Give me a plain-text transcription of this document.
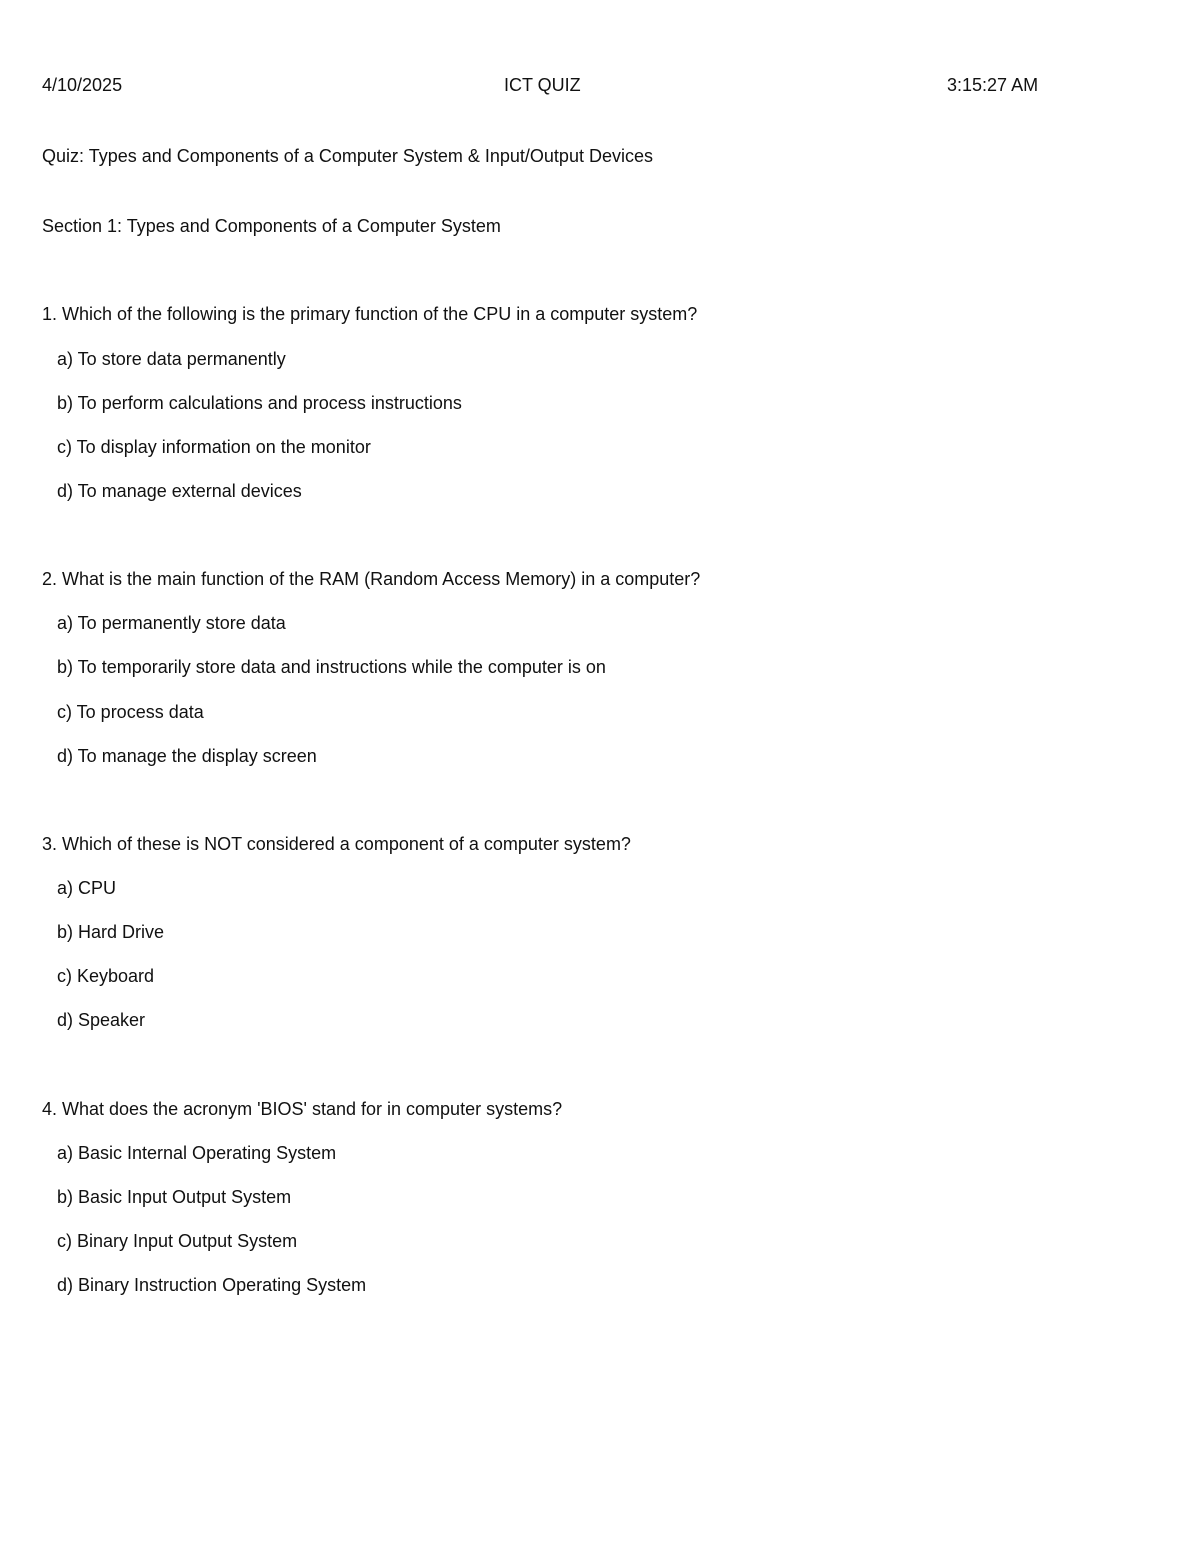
4/10/2025	ICT QUIZ	3:15:27 AM
Quiz: Types and Components of a Computer System & Input/Output Devices
Section 1: Types and Components of a Computer System
1. Which of the following is the primary function of the CPU in a computer system?
a) To store data permanently
b) To perform calculations and process instructions
c) To display information on the monitor
d) To manage external devices
2. What is the main function of the RAM (Random Access Memory) in a computer?
a) To permanently store data
b) To temporarily store data and instructions while the computer is on
c) To process data
d) To manage the display screen
3. Which of these is NOT considered a component of a computer system?
a) CPU
b) Hard Drive
c) Keyboard
d) Speaker
4. What does the acronym 'BIOS' stand for in computer systems?
a) Basic Internal Operating System
b) Basic Input Output System
c) Binary Input Output System
d) Binary Instruction Operating System
